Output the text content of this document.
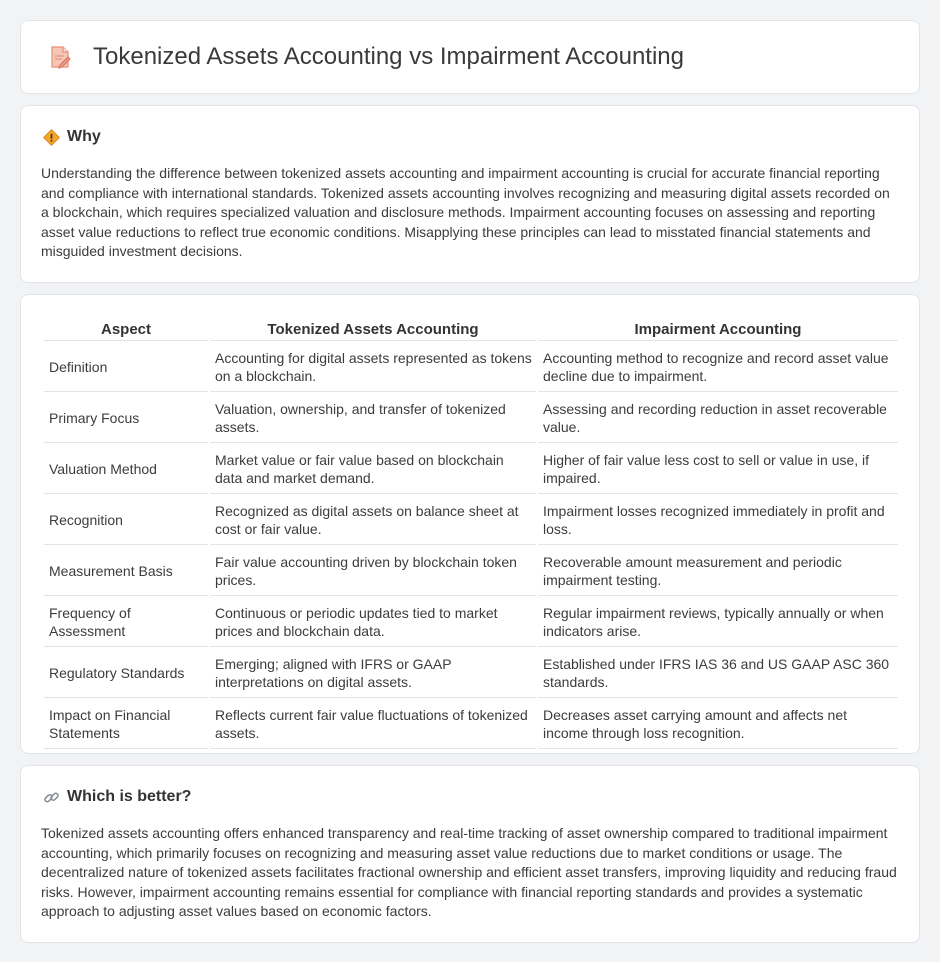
Tokenized Assets Accounting vs Impairment Accounting
Why

Understanding the difference between tokenized assets accounting and impairment accounting is crucial for accurate financial reporting and compliance with international standards. Tokenized assets accounting involves recognizing and measuring digital assets recorded on a blockchain, which requires specialized valuation and disclosure methods. Impairment accounting focuses on assessing and reporting asset value reductions to reflect true economic conditions. Misapplying these principles can lead to misstated financial statements and misguided investment decisions.

Aspect	Tokenized Assets Accounting	Impairment Accounting
Definition	Accounting for digital assets represented as tokens on a blockchain.	Accounting method to recognize and record asset value decline due to impairment.
Primary Focus	Valuation, ownership, and transfer of tokenized assets.	Assessing and recording reduction in asset recoverable value.
Valuation Method	Market value or fair value based on blockchain data and market demand.	Higher of fair value less cost to sell or value in use, if impaired.
Recognition	Recognized as digital assets on balance sheet at cost or fair value.	Impairment losses recognized immediately in profit and loss.
Measurement Basis	Fair value accounting driven by blockchain token prices.	Recoverable amount measurement and periodic impairment testing.
Frequency of Assessment	Continuous or periodic updates tied to market prices and blockchain data.	Regular impairment reviews, typically annually or when indicators arise.
Regulatory Standards	Emerging; aligned with IFRS or GAAP interpretations on digital assets.	Established under IFRS IAS 36 and US GAAP ASC 360 standards.
Impact on Financial Statements	Reflects current fair value fluctuations of tokenized assets.	Decreases asset carrying amount and affects net income through loss recognition.
Which is better?

Tokenized assets accounting offers enhanced transparency and real-time tracking of asset ownership compared to traditional impairment accounting, which primarily focuses on recognizing and measuring asset value reductions due to market conditions or usage. The decentralized nature of tokenized assets facilitates fractional ownership and efficient asset transfers, improving liquidity and reducing fraud risks. However, impairment accounting remains essential for compliance with financial reporting standards and provides a systematic approach to adjusting asset values based on economic factors.
